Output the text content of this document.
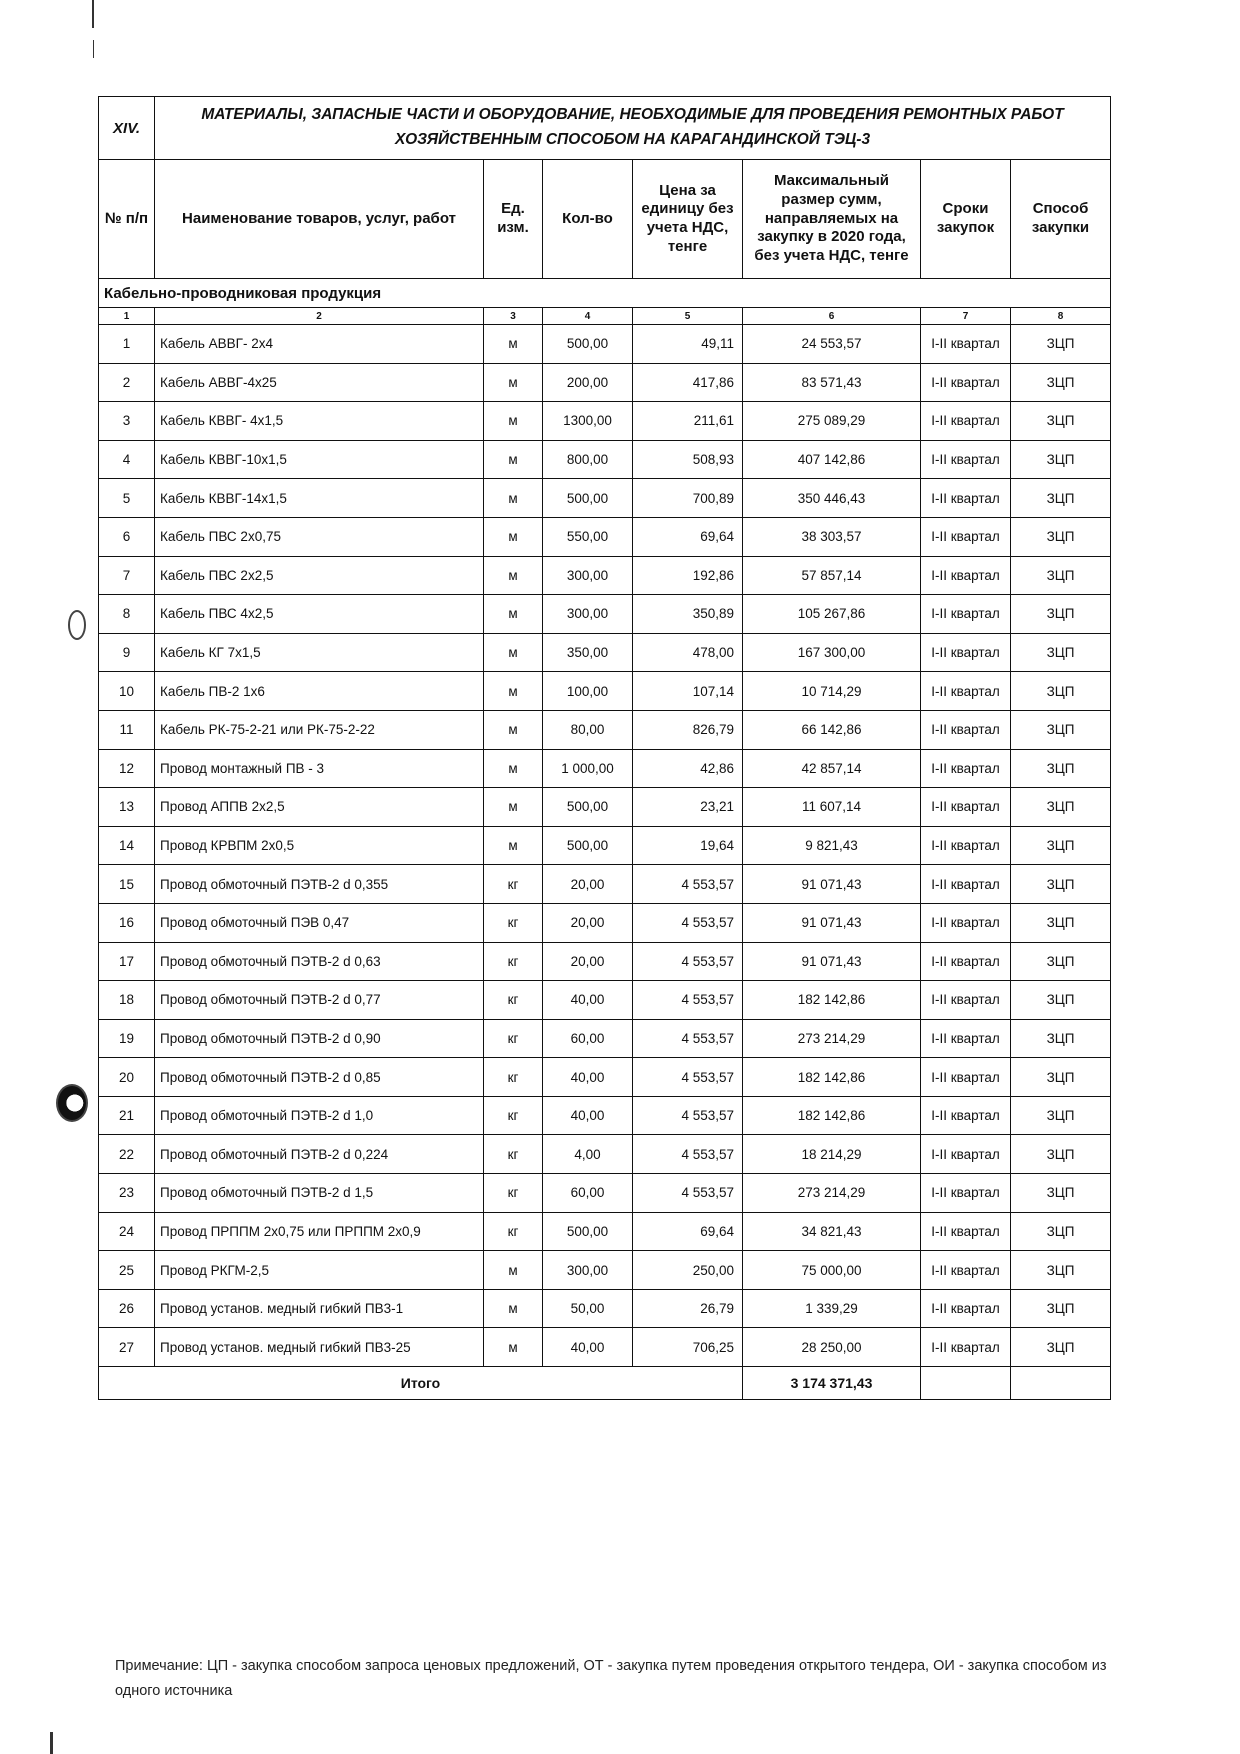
XIV.	МАТЕРИАЛЫ, ЗАПАСНЫЕ ЧАСТИ И ОБОРУДОВАНИЕ, НЕОБХОДИМЫЕ ДЛЯ ПРОВЕДЕНИЯ РЕМОНТНЫХ РАБОТ ХОЗЯЙСТВЕННЫМ СПОСОБОМ НА КАРАГАНДИНСКОЙ ТЭЦ-3						
№ п/п	Наименование товаров, услуг, работ	Ед. изм.	Кол-во	Цена за единицу без учета НДС, тенге	Максимальный размер сумм, направляемых на закупку в 2020 года, без учета НДС, тенге	Сроки закупок	Способ закупки
Кабельно-проводниковая продукция							
1	2	3	4	5	6	7	8
1	Кабель АВВГ- 2х4	м	500,00	49,11	24 553,57	I-II квартал	ЗЦП
2	Кабель АВВГ-4х25	м	200,00	417,86	83 571,43	I-II квартал	ЗЦП
3	Кабель КВВГ- 4х1,5	м	1300,00	211,61	275 089,29	I-II квартал	ЗЦП
4	Кабель КВВГ-10х1,5	м	800,00	508,93	407 142,86	I-II квартал	ЗЦП
5	Кабель КВВГ-14х1,5	м	500,00	700,89	350 446,43	I-II квартал	ЗЦП
6	Кабель ПВС 2х0,75	м	550,00	69,64	38 303,57	I-II квартал	ЗЦП
7	Кабель ПВС 2х2,5	м	300,00	192,86	57 857,14	I-II квартал	ЗЦП
8	Кабель ПВС 4х2,5	м	300,00	350,89	105 267,86	I-II квартал	ЗЦП
9	Кабель КГ 7х1,5	м	350,00	478,00	167 300,00	I-II квартал	ЗЦП
10	Кабель ПВ-2 1х6	м	100,00	107,14	10 714,29	I-II квартал	ЗЦП
11	Кабель РК-75-2-21 или РК-75-2-22	м	80,00	826,79	66 142,86	I-II квартал	ЗЦП
12	Провод монтажный ПВ - 3	м	1 000,00	42,86	42 857,14	I-II квартал	ЗЦП
13	Провод АППВ 2х2,5	м	500,00	23,21	11 607,14	I-II квартал	ЗЦП
14	Провод КРВПМ 2х0,5	м	500,00	19,64	9 821,43	I-II квартал	ЗЦП
15	Провод обмоточный ПЭТВ-2 d 0,355	кг	20,00	4 553,57	91 071,43	I-II квартал	ЗЦП
16	Провод обмоточный ПЭВ 0,47	кг	20,00	4 553,57	91 071,43	I-II квартал	ЗЦП
17	Провод обмоточный ПЭТВ-2 d 0,63	кг	20,00	4 553,57	91 071,43	I-II квартал	ЗЦП
18	Провод обмоточный ПЭТВ-2 d 0,77	кг	40,00	4 553,57	182 142,86	I-II квартал	ЗЦП
19	Провод обмоточный ПЭТВ-2 d 0,90	кг	60,00	4 553,57	273 214,29	I-II квартал	ЗЦП
20	Провод обмоточный ПЭТВ-2 d 0,85	кг	40,00	4 553,57	182 142,86	I-II квартал	ЗЦП
21	Провод обмоточный ПЭТВ-2 d 1,0	кг	40,00	4 553,57	182 142,86	I-II квартал	ЗЦП
22	Провод обмоточный ПЭТВ-2 d 0,224	кг	4,00	4 553,57	18 214,29	I-II квартал	ЗЦП
23	Провод обмоточный ПЭТВ-2 d 1,5	кг	60,00	4 553,57	273 214,29	I-II квартал	ЗЦП
24	Провод ПРППМ 2х0,75 или ПРППМ 2х0,9	кг	500,00	69,64	34 821,43	I-II квартал	ЗЦП
25	Провод РКГМ-2,5	м	300,00	250,00	75 000,00	I-II квартал	ЗЦП
26	Провод установ. медный гибкий ПВ3-1	м	50,00	26,79	1 339,29	I-II квартал	ЗЦП
27	Провод установ. медный гибкий ПВ3-25	м	40,00	706,25	28 250,00	I-II квартал	ЗЦП
Итого					3 174 371,43		
Примечание: ЦП - закупка способом запроса ценовых предложений, ОТ - закупка путем проведения открытого тендера, ОИ - закупка способом из одного источника
